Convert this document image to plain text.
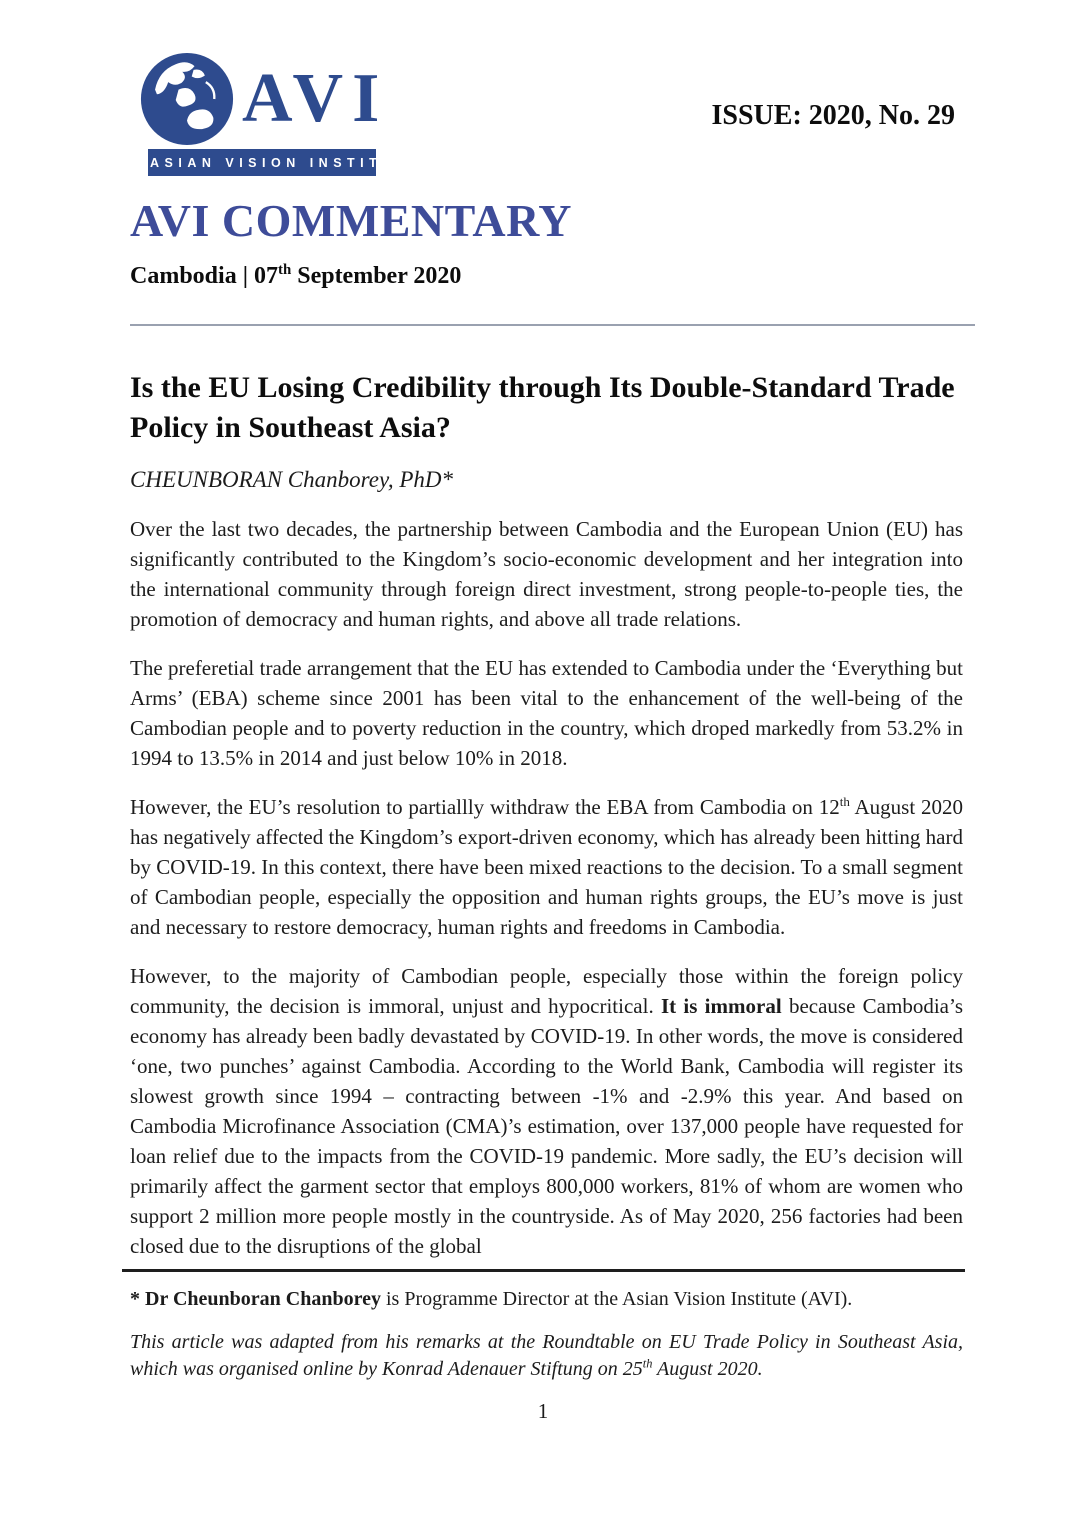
AVI
ASIAN VISION INSTITUTE
ISSUE: 2020, No. 29
AVI COMMENTARY

Cambodia | 07th September 2020

Is the EU Losing Credibility through Its Double-Standard Trade Policy in Southeast Asia?

CHEUNBORAN Chanborey, PhD*

Over the last two decades, the partnership between Cambodia and the European Union (EU) has significantly contributed to the Kingdom’s socio-economic development and her integration into the international community through foreign direct investment, strong people-to-people ties, the promotion of democracy and human rights, and above all trade relations.

The preferetial trade arrangement that the EU has extended to Cambodia under the ‘Everything but Arms’ (EBA) scheme since 2001 has been vital to the enhancement of the well-being of the Cambodian people and to poverty reduction in the country, which droped markedly from 53.2% in 1994 to 13.5% in 2014 and just below 10% in 2018.

However, the EU’s resolution to partiallly withdraw the EBA from Cambodia on 12th August 2020 has negatively affected the Kingdom’s export-driven economy, which has already been hitting hard by COVID-19. In this context, there have been mixed reactions to the decision. To a small segment of Cambodian people, especially the opposition and human rights groups, the EU’s move is just and necessary to restore democracy, human rights and freedoms in Cambodia.

However, to the majority of Cambodian people, especially those within the foreign policy community, the decision is immoral, unjust and hypocritical. It is immoral because Cambodia’s economy has already been badly devastated by COVID-19. In other words, the move is considered ‘one, two punches’ against Cambodia. According to the World Bank, Cambodia will register its slowest growth since 1994 – contracting between -1% and -2.9% this year. And based on Cambodia Microfinance Association (CMA)’s estimation, over 137,000 people have requested for loan relief due to the impacts from the COVID-19 pandemic. More sadly, the EU’s decision will primarily affect the garment sector that employs 800,000 workers, 81% of whom are women who support 2 million more people mostly in the countryside. As of May 2020, 256 factories had been closed due to the disruptions of the global

* Dr Cheunboran Chanborey is Programme Director at the Asian Vision Institute (AVI).

This article was adapted from his remarks at the Roundtable on EU Trade Policy in Southeast Asia, which was organised online by Konrad Adenauer Stiftung on 25th August 2020.

1
